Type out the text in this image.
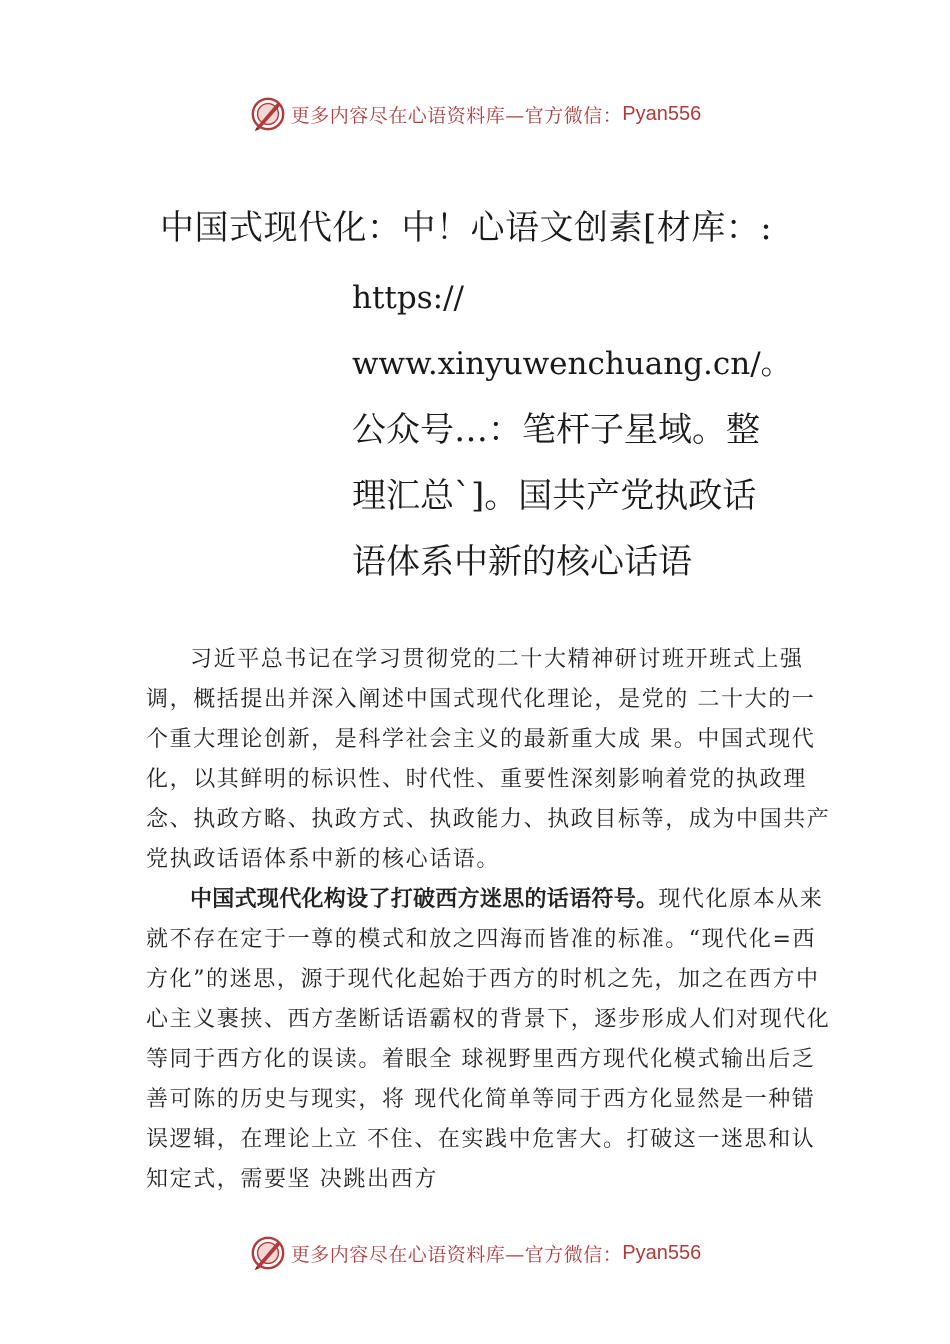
更多内容尽在心语资料库—官方微信： Pyan556
中国式现代化：中！心语文创素[材库：:
https://
www.xinyuwenchuang.cn/。
公众号…：笔杆子星域。整
理汇总`]。国共产党执政话
语体系中新的核心话语

习近平总书记在学习贯彻党的二十大精神研讨班开班式上强调，概括提出并深入阐述中国式现代化理论，是党的 二十大的一个重大理论创新，是科学社会主义的最新重大成 果。中国式现代化，以其鲜明的标识性、时代性、重要性深刻影响着党的执政理念、执政方略、执政方式、执政能力、执政目标等，成为中国共产党执政话语体系中新的核心话语。

中国式现代化构设了打破西方迷思的话语符号。现代化原本从来就不存在定于一尊的模式和放之四海而皆准的标准。“现代化=西方化”的迷思，源于现代化起始于西方的时机之先，加之在西方中心主义裹挟、西方垄断话语霸权的背景下，逐步形成人们对现代化等同于西方化的误读。着眼全 球视野里西方现代化模式输出后乏善可陈的历史与现实，将 现代化简单等同于西方化显然是一种错误逻辑，在理论上立 不住、在实践中危害大。打破这一迷思和认知定式，需要坚 决跳出西方

更多内容尽在心语资料库—官方微信： Pyan556
